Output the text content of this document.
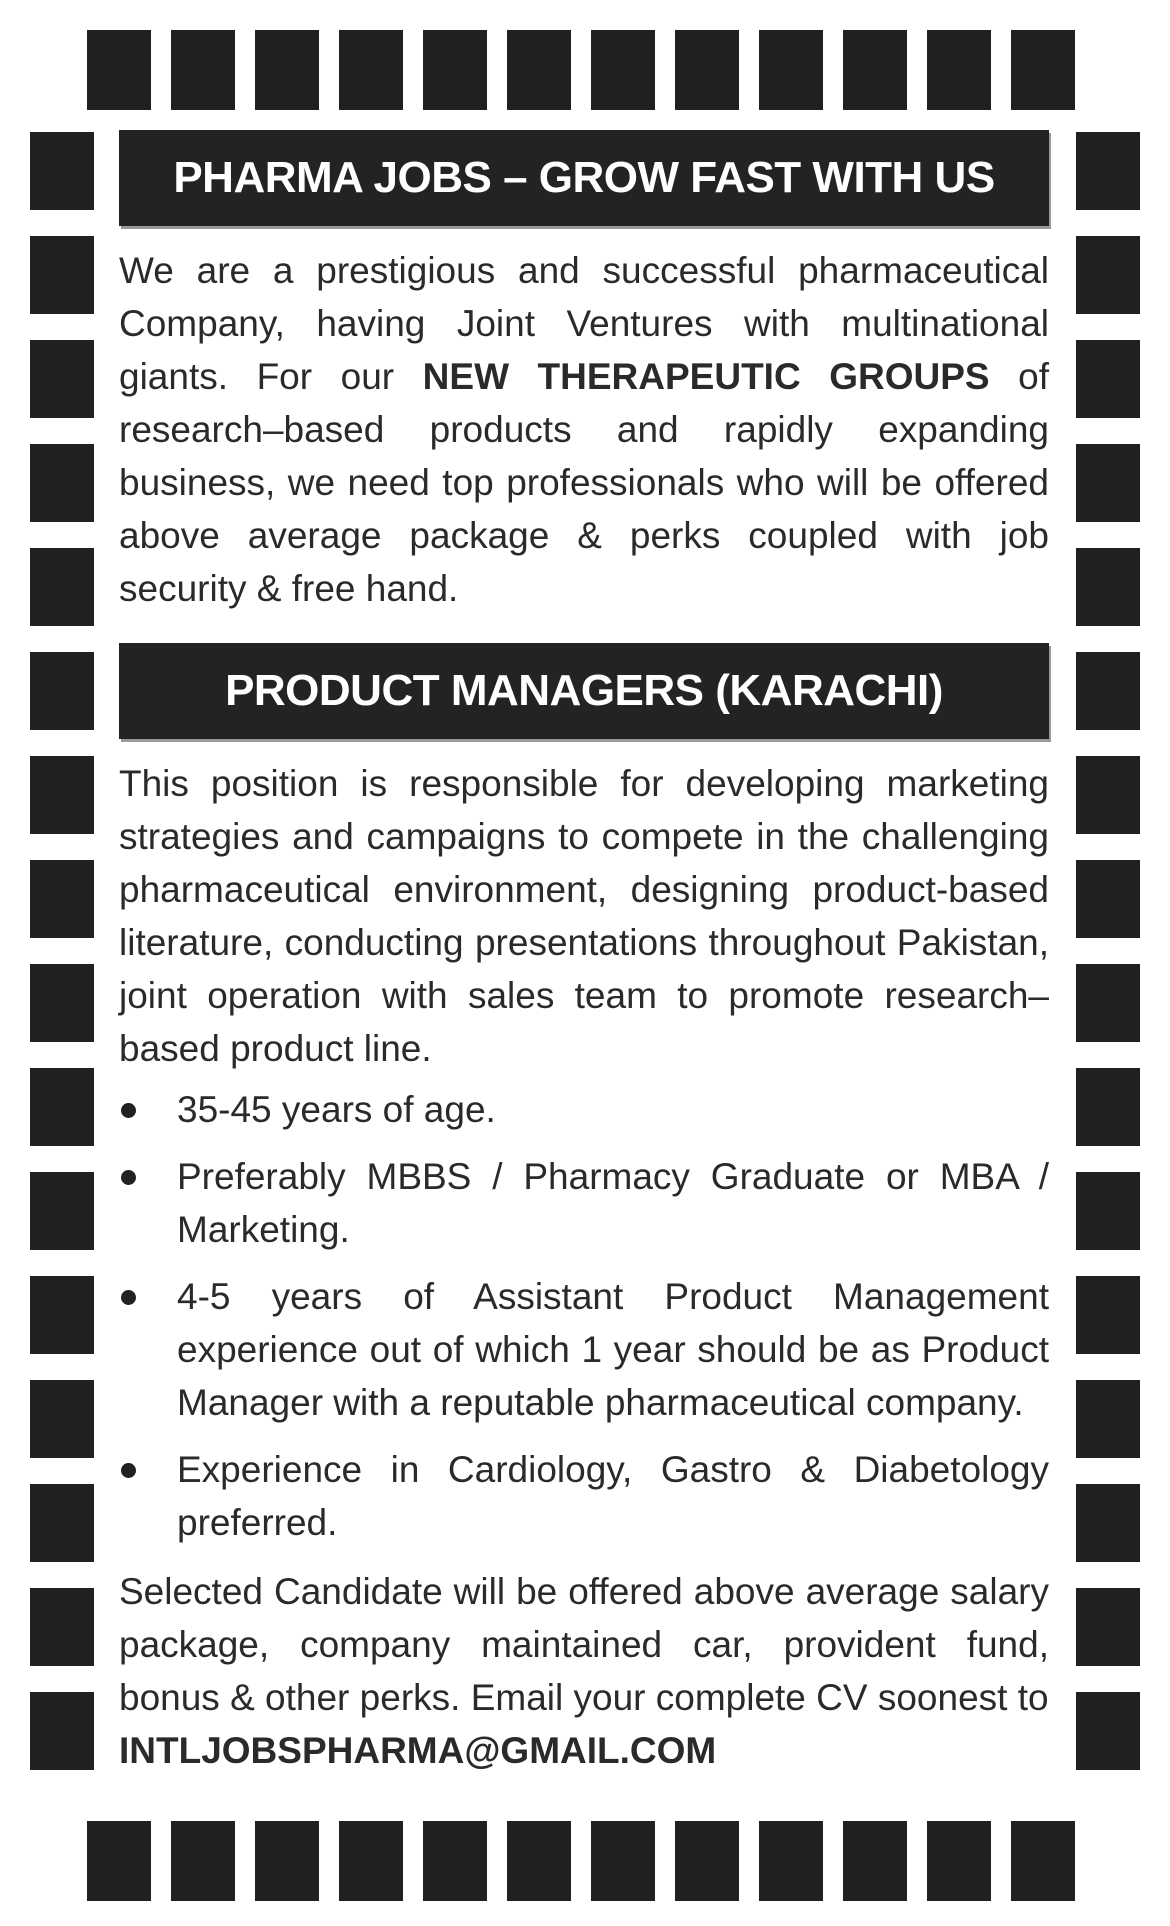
PHARMA JOBS – GROW FAST WITH US

We are a prestigious and successful pharmaceutical Company, having Joint Ventures with multinational giants. For our NEW THERAPEUTIC GROUPS of research–based products and rapidly expanding business, we need top professionals who will be offered above average package & perks coupled with job security & free hand.

PRODUCT MANAGERS (KARACHI)

This position is responsible for developing marketing strategies and campaigns to compete in the challenging pharmaceutical environment, designing product-based literature, conducting presentations throughout Pakistan, joint operation with sales team to promote research–based product line.

35-45 years of age.
Preferably MBBS / Pharmacy Graduate or MBA / Marketing.
4-5 years of Assistant Product Management experience out of which 1 year should be as Product Manager with a reputable pharmaceutical company.
Experience in Cardiology, Gastro & Diabetology preferred.

Selected Candidate will be offered above average salary package, company maintained car, provident fund, bonus & other perks. Email your complete CV soonest to

INTLJOBSPHARMA@GMAIL.COM
